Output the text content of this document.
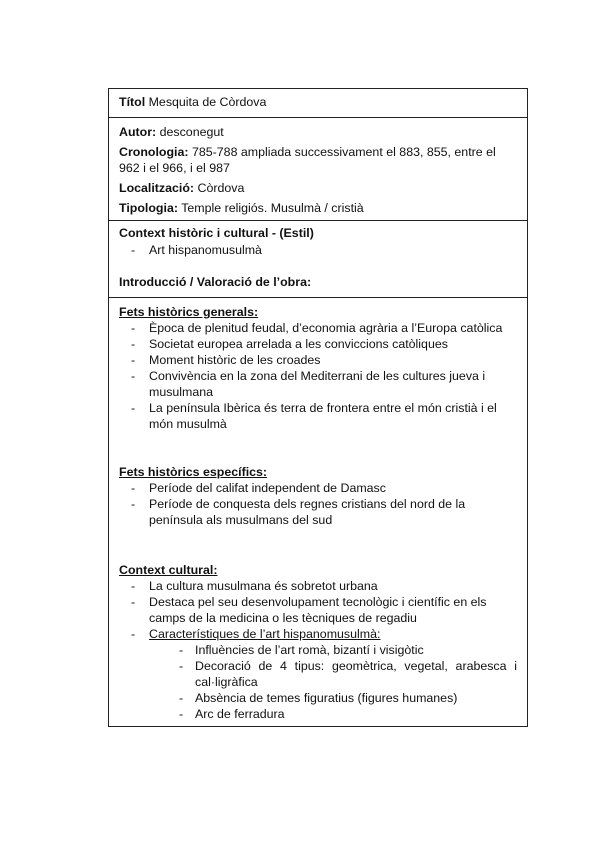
Títol Mesquita de Còrdova
Autor: desconegut
Cronologia: 785-788 ampliada successivament el 883, 855, entre el 962 i el 966, i el 987
Localització: Còrdova
Tipologia: Temple religiós. Musulmà / cristià
Context històric i cultural - (Estil)
- Art hispanomusulmà
Introducció / Valoració de l’obra:
Fets històrics generals:
- Època de plenitud feudal, d’economia agrària a l’Europa catòlica
- Societat europea arrelada a les conviccions catòliques
- Moment històric de les croades
- Convivència en la zona del Mediterrani de les cultures jueva i musulmana
- La península Ibèrica és terra de frontera entre el món cristià i el món musulmà
Fets històrics específics:
- Període del califat independent de Damasc
- Període de conquesta dels regnes cristians del nord de la península als musulmans del sud
Context cultural:
- La cultura musulmana és sobretot urbana
- Destaca pel seu desenvolupament tecnològic i científic en els camps de la medicina o les tècniques de regadiu
- Característiques de l’art hispanomusulmà:
- Influències de l’art romà, bizantí i visigòtic
- Decoració de 4 tipus: geomètrica, vegetal, arabesca i cal·ligràfica
- Absència de temes figuratius (figures humanes)
- Arc de ferradura
